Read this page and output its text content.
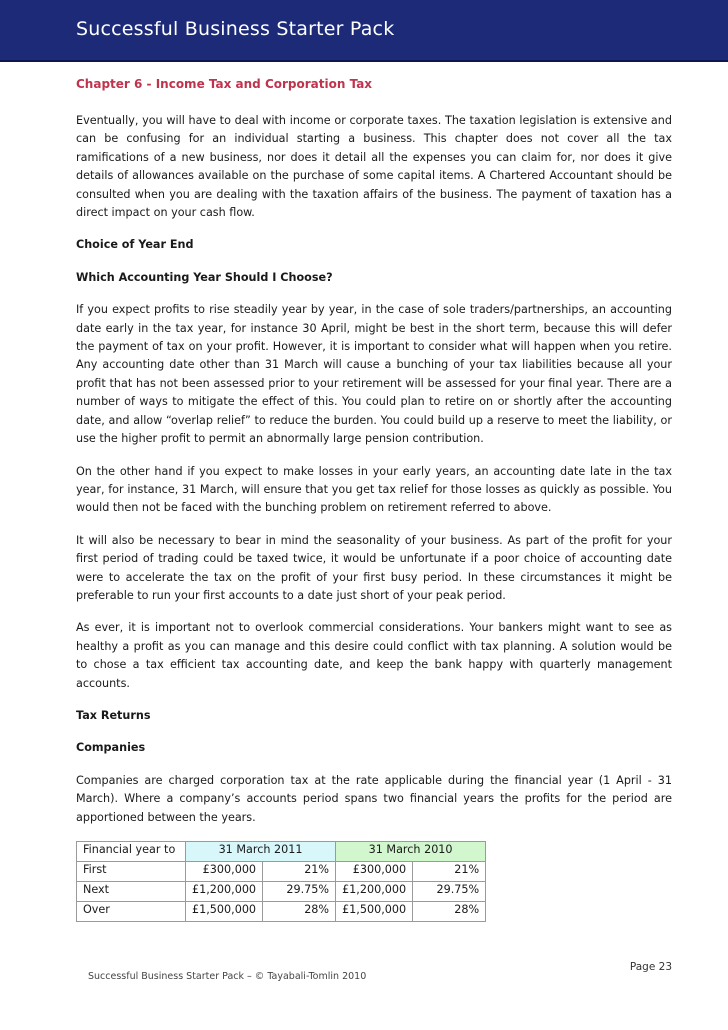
Successful Business Starter Pack
Chapter 6 - Income Tax and Corporation Tax

Eventually, you will have to deal with income or corporate taxes. The taxation legislation is extensive and can be confusing for an individual starting a business. This chapter does not cover all the tax ramifications of a new business, nor does it detail all the expenses you can claim for, nor does it give details of allowances available on the purchase of some capital items. A Chartered Accountant should be consulted when you are dealing with the taxation affairs of the business. The payment of taxation has a direct impact on your cash flow.

Choice of Year End
Which Accounting Year Should I Choose?

If you expect profits to rise steadily year by year, in the case of sole traders/partnerships, an accounting date early in the tax year, for instance 30 April, might be best in the short term, because this will defer the payment of tax on your profit. However, it is important to consider what will happen when you retire. Any accounting date other than 31 March will cause a bunching of your tax liabilities because all your profit that has not been assessed prior to your retirement will be assessed for your final year. There are a number of ways to mitigate the effect of this. You could plan to retire on or shortly after the accounting date, and allow “overlap relief” to reduce the burden. You could build up a reserve to meet the liability, or use the higher profit to permit an abnormally large pension contribution.

On the other hand if you expect to make losses in your early years, an accounting date late in the tax year, for instance, 31 March, will ensure that you get tax relief for those losses as quickly as possible. You would then not be faced with the bunching problem on retirement referred to above.

It will also be necessary to bear in mind the seasonality of your business. As part of the profit for your first period of trading could be taxed twice, it would be unfortunate if a poor choice of accounting date were to accelerate the tax on the profit of your first busy period. In these circumstances it might be preferable to run your first accounts to a date just short of your peak period.

As ever, it is important not to overlook commercial considerations. Your bankers might want to see as healthy a profit as you can manage and this desire could conflict with tax planning. A solution would be to chose a tax efficient tax accounting date, and keep the bank happy with quarterly management accounts.

Tax Returns
Companies

Companies are charged corporation tax at the rate applicable during the financial year (1 April - 31 March). Where a company’s accounts period spans two financial years the profits for the period are apportioned between the years.

Financial year to	31 March 2011		31 March 2010	
First	£300,000	21%	£300,000	21%
Next	£1,200,000	29.75%	£1,200,000	29.75%
Over	£1,500,000	28%	£1,500,000	28%
Page 23
Successful Business Starter Pack – © Tayabali-Tomlin 2010
